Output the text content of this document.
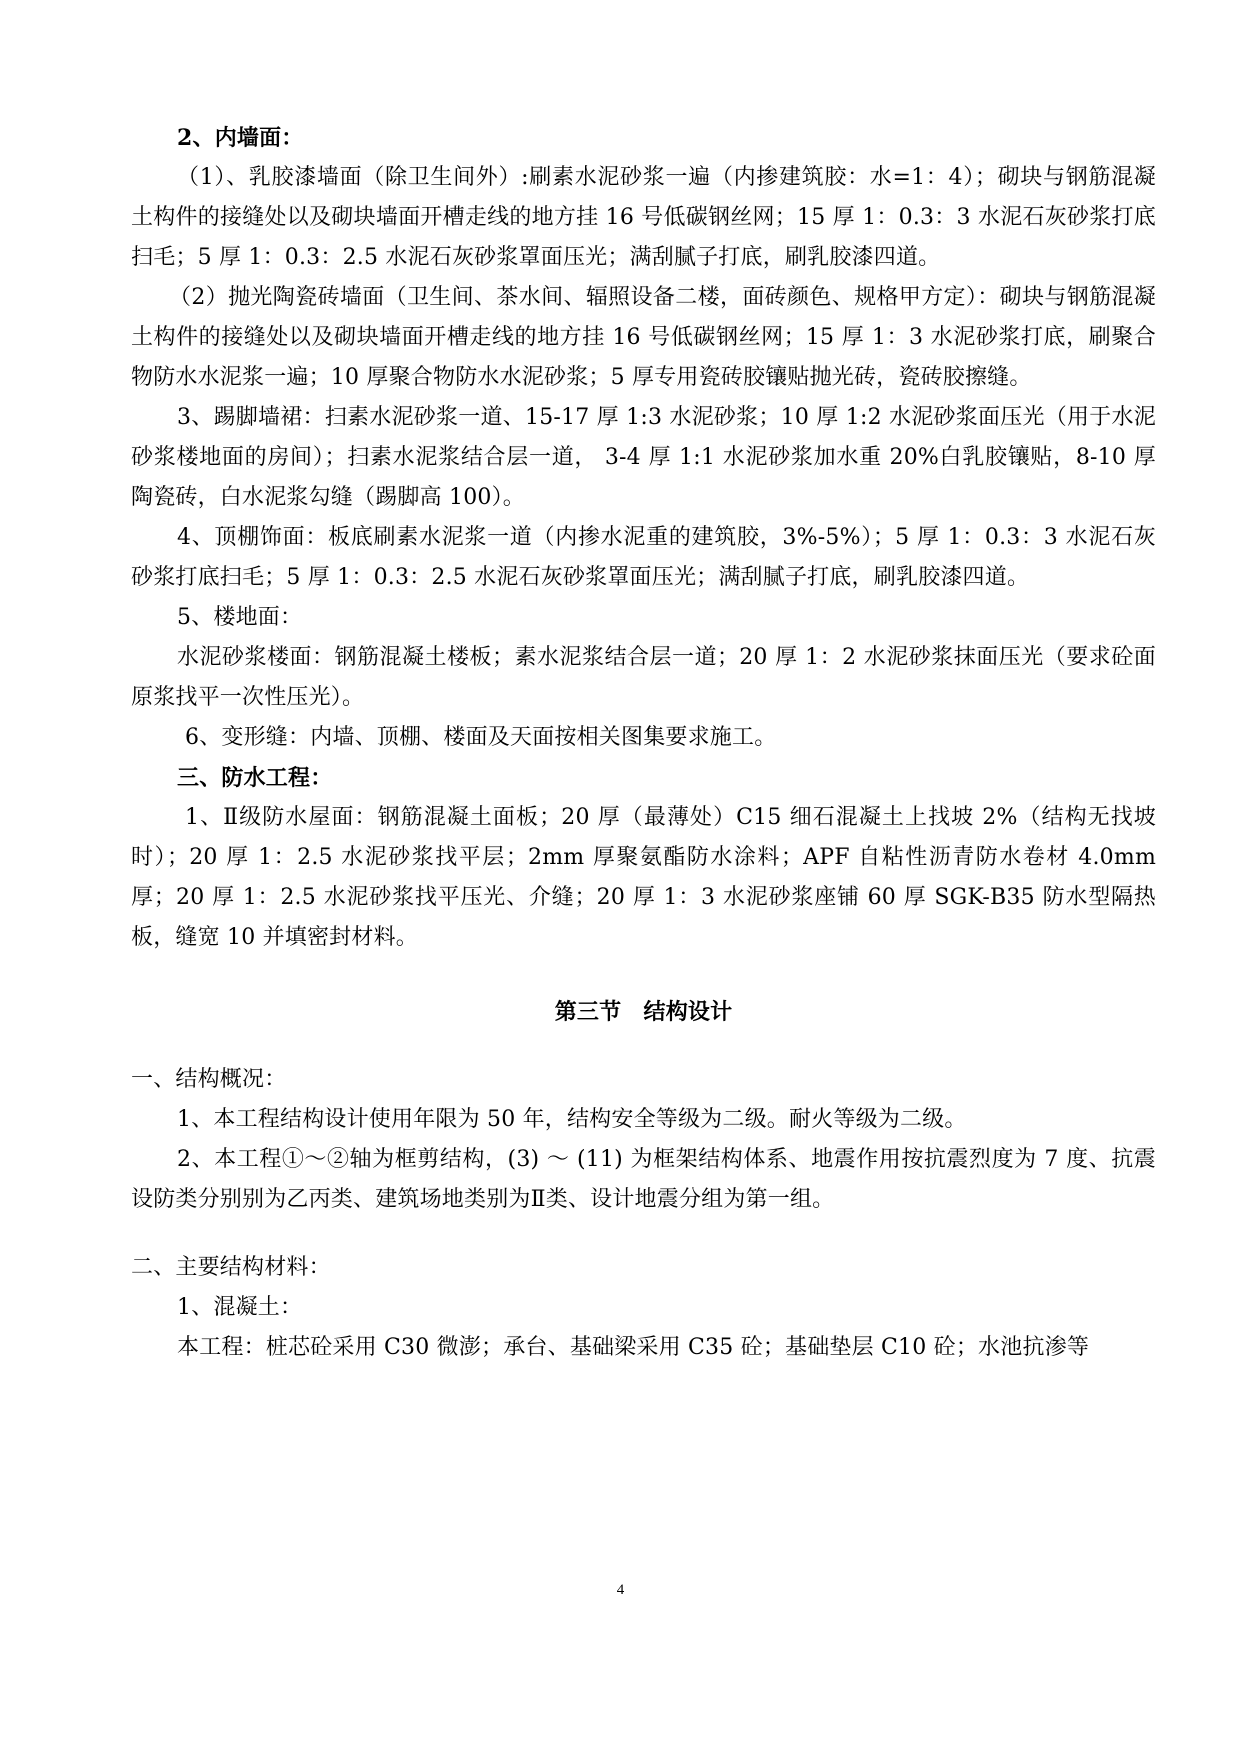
2、内墙面：

（1）、乳胶漆墙面（除卫生间外）:刷素水泥砂浆一遍（内掺建筑胶：水=1：4）；砌块与钢筋混凝土构件的接缝处以及砌块墙面开槽走线的地方挂 16 号低碳钢丝网；15 厚 1：0.3：3 水泥石灰砂浆打底扫毛；5 厚 1：0.3：2.5 水泥石灰砂浆罩面压光；满刮腻子打底，刷乳胶漆四道。

（2）抛光陶瓷砖墙面（卫生间、茶水间、辐照设备二楼，面砖颜色、规格甲方定）：砌块与钢筋混凝土构件的接缝处以及砌块墙面开槽走线的地方挂 16 号低碳钢丝网；15 厚 1：3 水泥砂浆打底，刷聚合物防水水泥浆一遍；10 厚聚合物防水水泥砂浆；5 厚专用瓷砖胶镶贴抛光砖，瓷砖胶擦缝。

3、踢脚墙裙：扫素水泥砂浆一道、15-17 厚 1:3 水泥砂浆；10 厚 1:2 水泥砂浆面压光（用于水泥砂浆楼地面的房间）；扫素水泥浆结合层一道， 3-4 厚 1:1 水泥砂浆加水重 20%白乳胶镶贴，8-10 厚陶瓷砖，白水泥浆勾缝（踢脚高 100）。

4、顶棚饰面：板底刷素水泥浆一道（内掺水泥重的建筑胶，3%-5%）；5 厚 1：0.3：3 水泥石灰砂浆打底扫毛；5 厚 1：0.3：2.5 水泥石灰砂浆罩面压光；满刮腻子打底，刷乳胶漆四道。

5、楼地面：

水泥砂浆楼面：钢筋混凝土楼板；素水泥浆结合层一道；20 厚 1：2 水泥砂浆抹面压光（要求砼面原浆找平一次性压光）。

6、变形缝：内墙、顶棚、楼面及天面按相关图集要求施工。

三、防水工程：

1、Ⅱ级防水屋面：钢筋混凝土面板；20 厚（最薄处）C15 细石混凝土上找坡 2%（结构无找坡时）；20 厚 1：2.5 水泥砂浆找平层；2mm 厚聚氨酯防水涂料；APF 自粘性沥青防水卷材 4.0mm 厚；20 厚 1：2.5 水泥砂浆找平压光、介缝；20 厚 1：3 水泥砂浆座铺 60 厚 SGK-B35 防水型隔热板，缝宽 10 并填密封材料。

第三节　结构设计

一、结构概况：

1、本工程结构设计使用年限为 50 年，结构安全等级为二级。耐火等级为二级。

2、本工程①～②轴为框剪结构，(3) ～ (11) 为框架结构体系、地震作用按抗震烈度为 7 度、抗震设防类分别别为乙丙类、建筑场地类别为Ⅱ类、设计地震分组为第一组。

二、主要结构材料：

1、混凝土：

本工程：桩芯砼采用 C30 微澎；承台、基础梁采用 C35 砼；基础垫层 C10 砼；水池抗渗等

4
